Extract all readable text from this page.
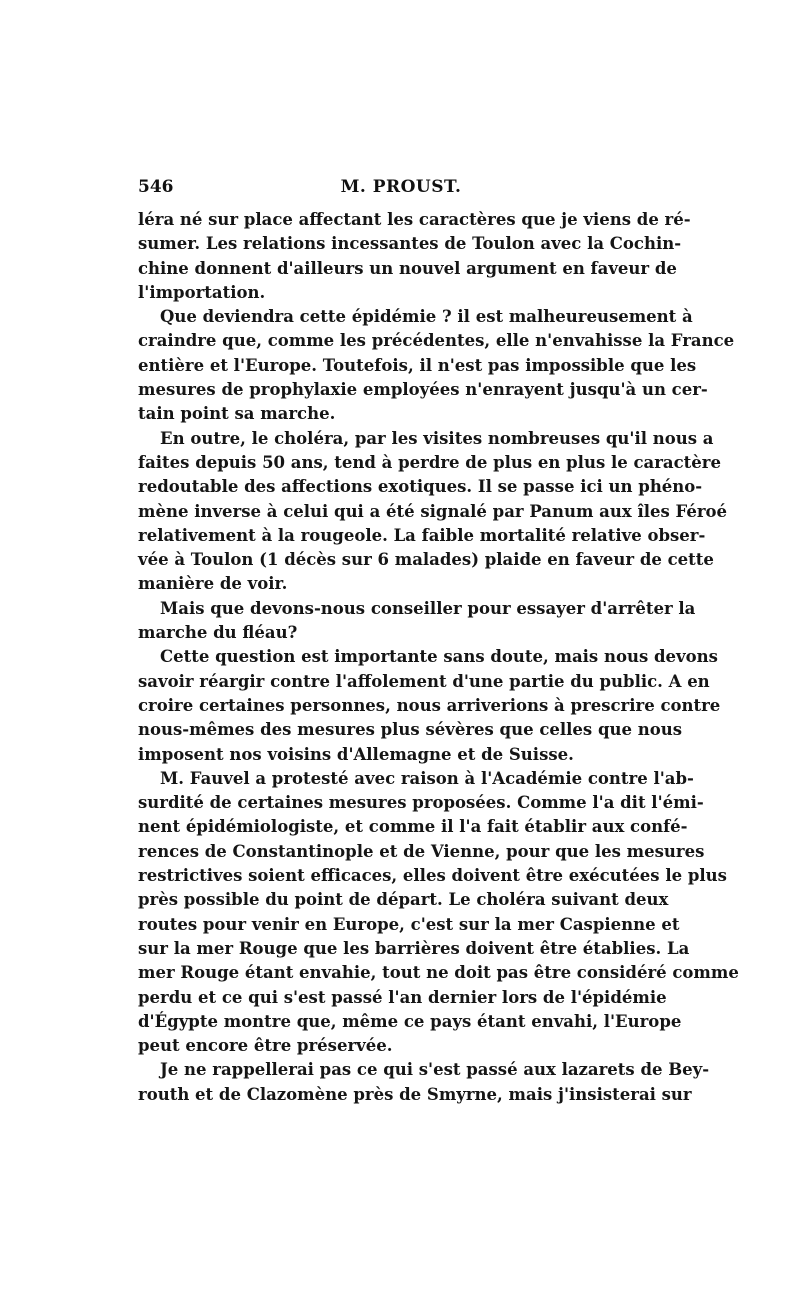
546	M. PROUST.
léra né sur place affectant les caractères que je viens de ré-
sumer. Les relations incessantes de Toulon avec la Cochin-
chine donnent d'ailleurs un nouvel argument en faveur de
l'importation.
Que deviendra cette épidémie ? il est malheureusement à
craindre que, comme les précédentes, elle n'envahisse la France
entière et l'Europe. Toutefois, il n'est pas impossible que les
mesures de prophylaxie employées n'enrayent jusqu'à un cer-
tain point sa marche.
En outre, le choléra, par les visites nombreuses qu'il nous a
faites depuis 50 ans, tend à perdre de plus en plus le caractère
redoutable des affections exotiques. Il se passe ici un phéno-
mène inverse à celui qui a été signalé par Panum aux îles Féroé
relativement à la rougeole. La faible mortalité relative obser-
vée à Toulon (1 décès sur 6 malades) plaide en faveur de cette
manière de voir.
Mais que devons-nous conseiller pour essayer d'arrêter la
marche du fléau?
Cette question est importante sans doute, mais nous devons
savoir réargir contre l'affolement d'une partie du public. A en
croire certaines personnes, nous arriverions à prescrire contre
nous-mêmes des mesures plus sévères que celles que nous
imposent nos voisins d'Allemagne et de Suisse.
M. Fauvel a protesté avec raison à l'Académie contre l'ab-
surdité de certaines mesures proposées. Comme l'a dit l'émi-
nent épidémiologiste, et comme il l'a fait établir aux confé-
rences de Constantinople et de Vienne, pour que les mesures
restrictives soient efficaces, elles doivent être exécutées le plus
près possible du point de départ. Le choléra suivant deux
routes pour venir en Europe, c'est sur la mer Caspienne et
sur la mer Rouge que les barrières doivent être établies. La
mer Rouge étant envahie, tout ne doit pas être considéré comme
perdu et ce qui s'est passé l'an dernier lors de l'épidémie
d'Égypte montre que, même ce pays étant envahi, l'Europe
peut encore être préservée.
Je ne rappellerai pas ce qui s'est passé aux lazarets de Bey-
routh et de Clazomène près de Smyrne, mais j'insisterai sur
